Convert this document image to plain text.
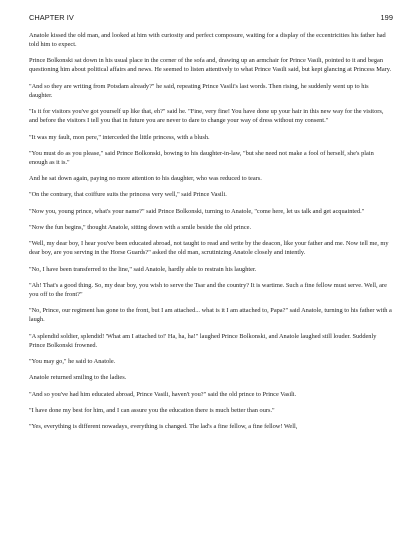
CHAPTER IV	199

Anatole kissed the old man, and looked at him with curiosity and perfect composure, waiting for a display of the eccentricities his father had told him to expect.

Prince Bolkonski sat down in his usual place in the corner of the sofa and, drawing up an armchair for Prince Vasili, pointed to it and began questioning him about political affairs and news. He seemed to listen attentively to what Prince Vasili said, but kept glancing at Princess Mary.

"And so they are writing from Potsdam already?" he said, repeating Prince Vasili's last words. Then rising, he suddenly went up to his daughter.

"Is it for visitors you've got yourself up like that, eh?" said he. "Fine, very fine! You have done up your hair in this new way for the visitors, and before the visitors I tell you that in future you are never to dare to change your way of dress without my consent."

"It was my fault, mon pere," interceded the little princess, with a blush.

"You must do as you please," said Prince Bolkonski, bowing to his daughter-in-law, "but she need not make a fool of herself, she's plain enough as it is."

And he sat down again, paying no more attention to his daughter, who was reduced to tears.

"On the contrary, that coiffure suits the princess very well," said Prince Vasili.

"Now you, young prince, what's your name?" said Prince Bolkonski, turning to Anatole, "come here, let us talk and get acquainted."

"Now the fun begins," thought Anatole, sitting down with a smile beside the old prince.

"Well, my dear boy, I hear you've been educated abroad, not taught to read and write by the deacon, like your father and me. Now tell me, my dear boy, are you serving in the Horse Guards?" asked the old man, scrutinizing Anatole closely and intently.

"No, I have been transferred to the line," said Anatole, hardly able to restrain his laughter.

"Ah! That's a good thing. So, my dear boy, you wish to serve the Tsar and the country? It is wartime. Such a fine fellow must serve. Well, are you off to the front?"

"No, Prince, our regiment has gone to the front, but I am attached... what is it I am attached to, Papa?" said Anatole, turning to his father with a laugh.

"A splendid soldier, splendid! 'What am I attached to!' Ha, ha, ha!" laughed Prince Bolkonski, and Anatole laughed still louder. Suddenly Prince Bolkonski frowned.

"You may go," he said to Anatole.

Anatole returned smiling to the ladies.

"And so you've had him educated abroad, Prince Vasili, haven't you?" said the old prince to Prince Vasili.

"I have done my best for him, and I can assure you the education there is much better than ours."

"Yes, everything is different nowadays, everything is changed. The lad's a fine fellow, a fine fellow! Well,
